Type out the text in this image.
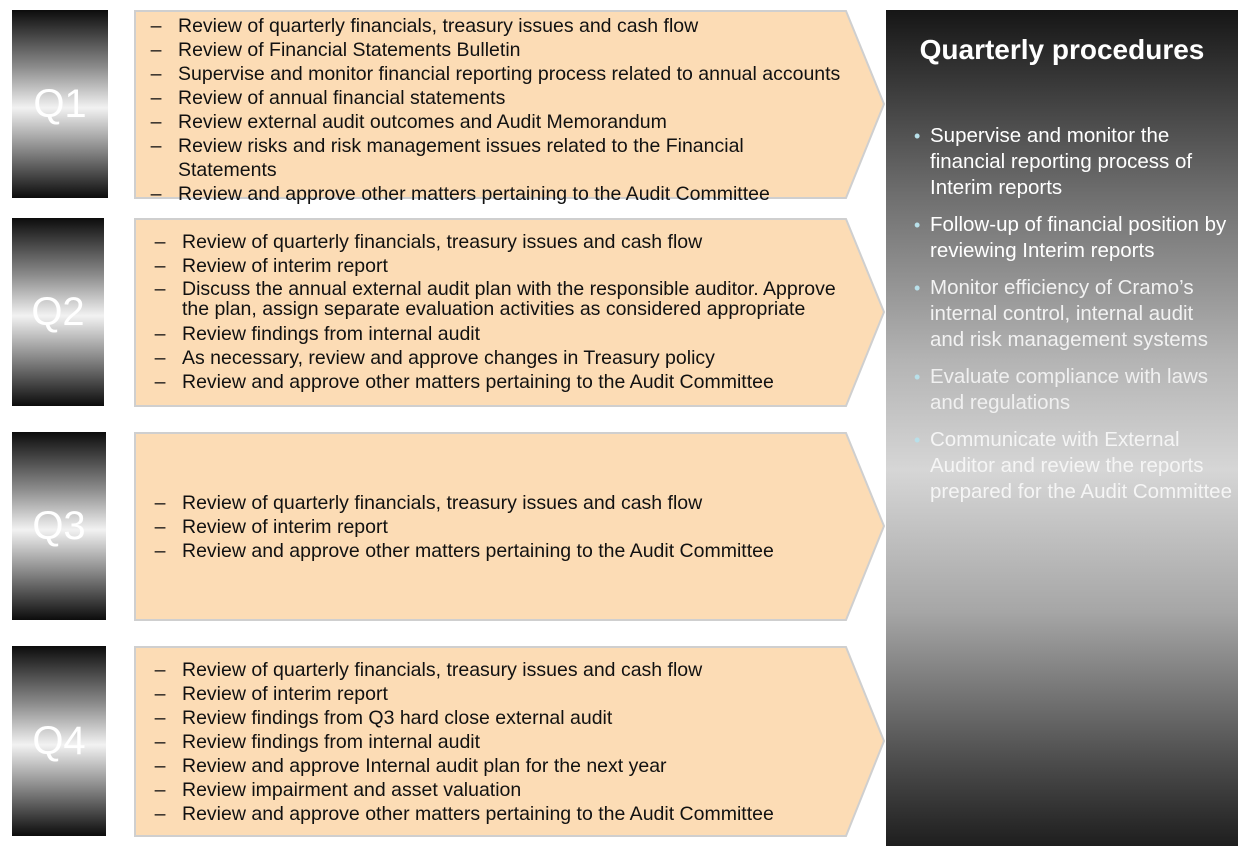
Q1
Q2
Q3
Q4
– Review of quarterly financials, treasury issues and cash flow
– Review of Financial Statements Bulletin
– Supervise and monitor financial reporting process related to annual accounts
– Review of annual financial statements
– Review external audit outcomes and Audit Memorandum
– Review risks and risk management issues related to the Financial Statements
– Review and approve other matters pertaining to the Audit Committee
– Review of quarterly financials, treasury issues and cash flow
– Review of interim report
– Discuss the annual external audit plan with the responsible auditor. Approve the plan, assign separate evaluation activities as considered appropriate
– Review findings from internal audit
– As necessary, review and approve changes in Treasury policy
– Review and approve other matters pertaining to the Audit Committee
– Review of quarterly financials, treasury issues and cash flow
– Review of interim report
– Review and approve other matters pertaining to the Audit Committee
– Review of quarterly financials, treasury issues and cash flow
– Review of interim report
– Review findings from Q3 hard close external audit
– Review findings from internal audit
– Review and approve Internal audit plan for the next year
– Review impairment and asset valuation
– Review and approve other matters pertaining to the Audit Committee
Quarterly procedures
• Supervise and monitor the financial reporting process of Interim reports
• Follow-up of financial position by reviewing Interim reports
• Monitor efficiency of Cramo’s internal control, internal audit and risk management systems
• Evaluate compliance with laws and regulations
• Communicate with External Auditor and review the reports prepared for the Audit Committee
